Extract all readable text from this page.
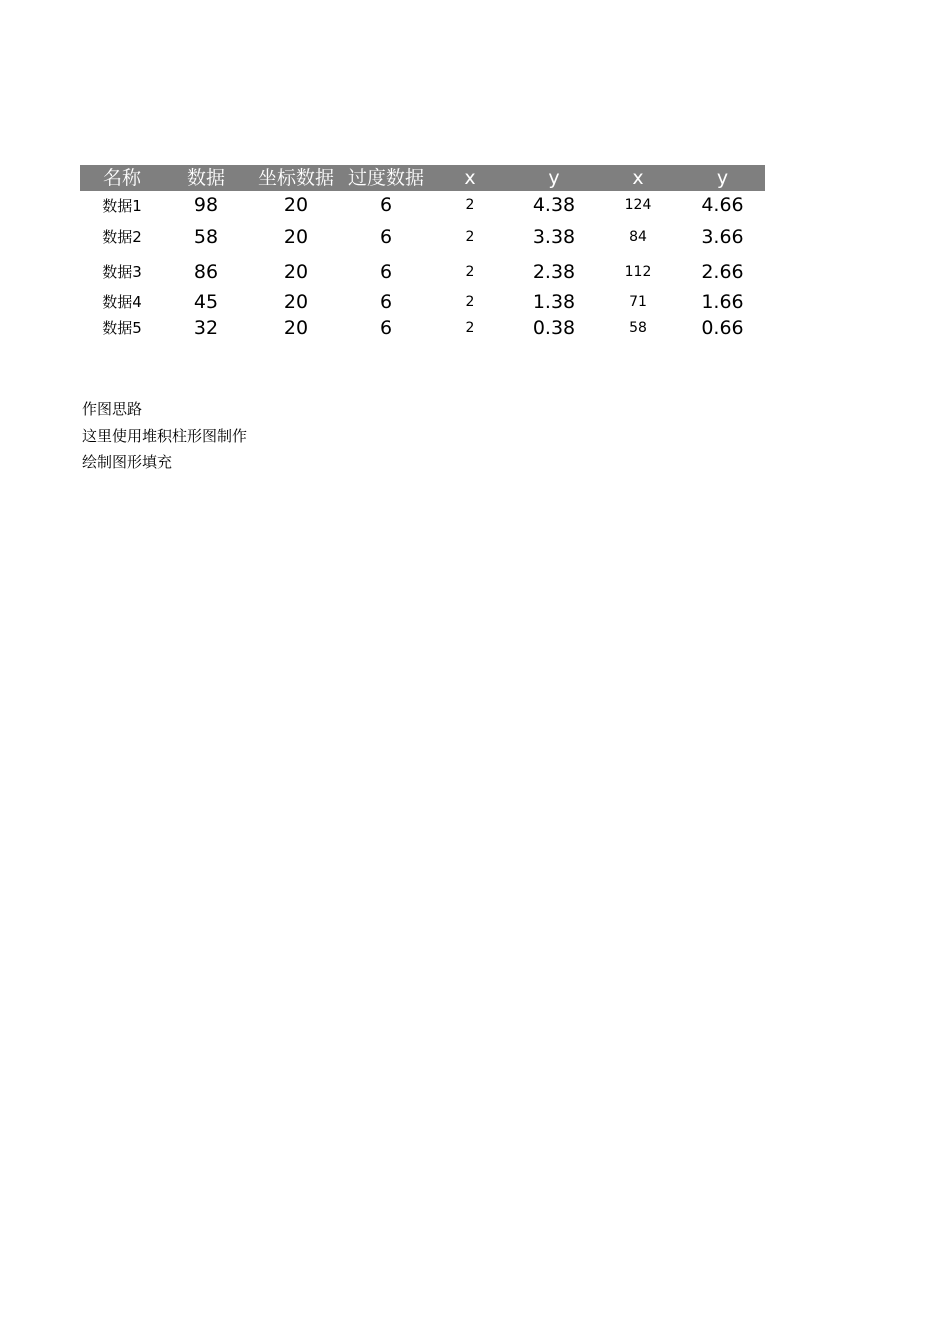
名称	数据	坐标数据	过度数据	x	y	x	y
数据1	98	20	6	2	4.38	124	4.66
数据2	58	20	6	2	3.38	84	3.66
数据3	86	20	6	2	2.38	112	2.66
数据4	45	20	6	2	1.38	71	1.66
数据5	32	20	6	2	0.38	58	0.66
作图思路
这里使用堆积柱形图制作
绘制图形填充
